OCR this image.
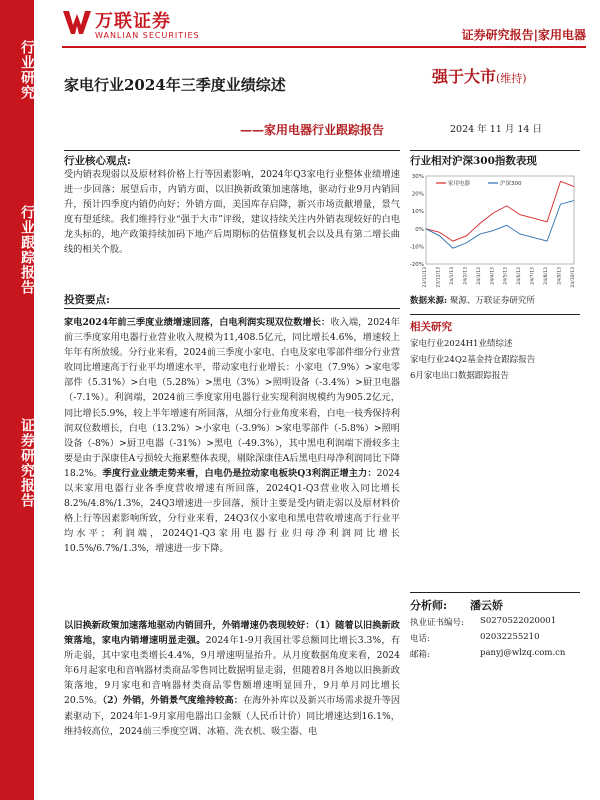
行业研究
行业跟踪报告
证券研究报告
万联证券
WANLIAN SECURITIES	证券研究报告|家用电器
家电行业2024年三季度业绩综述
——家用电器行业跟踪报告
强于大市(维持)
2024 年 11 月 14 日
行业核心观点:
受内销表现弱以及原材料价格上行等因素影响，2024年Q3家电行业整体业绩增速进一步回落；展望后市，内销方面，以旧换新政策加速落地，驱动行业9月内销回升，预计四季度内销仍向好；外销方面，美国库存启降，新兴市场贡献增量，景气度有望延续。我们维持行业“强于大市”评级，建议持续关注内外销表现较好的白电龙头标的，地产政策持续加码下地产后周期标的估值修复机会以及具有第二增长曲线的相关个股。
投资要点:
家电2024年前三季度业绩增速回落，白电利润实现双位数增长：收入端，2024年前三季度家用电器行业营业收入规模为11,408.5亿元，同比增长4.6%，增速较上年年有所放缓。分行业来看，2024前三季度小家电、白电及家电零部件细分行业营收同比增速高于行业平均增速水平，带动家电行业增长：小家电（7.9%）>家电零部件（5.31%）>白电（5.28%）>黑电（3%）>照明设备（-3.4%）>厨卫电器（-7.1%）。利润端，2024前三季度家用电器行业实现利润规模约为905.2亿元，同比增长5.9%，较上半年增速有所回落，从细分行业角度来看，白电一枝秀保持利润双位数增长，白电（13.2%）>小家电（-3.9%）>家电零部件（-5.8%）>照明设备（-8%）>厨卫电器（-31%）>黑电（-49.3%），其中黑电利润端下滑较多主要是由于深康佳A亏损较大拖累整体表现，剔除深康佳A后黑电归母净利润同比下降18.2%。季度行业业绩走势来看，白电仍是拉动家电板块Q3利润正增主力：2024以来家用电器行业各季度营收增速有所回落，2024Q1-Q3营业收入同比增长8.2%/4.8%/1.3%，24Q3增速进一步回落，预计主要是受内销走弱以及原材料价格上行等因素影响所致，分行业来看，24Q3仅小家电和黑电营收增速高于行业平均水平；利润端，2024Q1-Q3家用电器行业归母净利润同比增长10.5%/6.7%/1.3%，增速进一步下降。
以旧换新政策加速落地驱动内销回升，外销增速仍表现较好：（1）随着以旧换新政策落地，家电内销增速明显走强。2024年1-9月我国社零总额同比增长3.3%，有所走弱，其中家电类增长4.4%，9月增速明显抬升。从月度数据角度来看，2024年6月起家电和音响器材类商品零售同比数据明显走弱，但随着8月各地以旧换新政策落地，9月家电和音响器材类商品零售额增速明显回升，9月单月同比增长20.5%。（2）外销，外销景气度维持较高：在海外补库以及新兴市场需求提升等因素驱动下，2024年1-9月家用电器出口金额（人民币计价）同比增速达到16.1%，维持较高位，2024前三季度空调、冰箱、洗衣机、吸尘器、电
行业相对沪深300指数表现
30%
20%
10%
0%
-10%
-20%
23/11/13 23/12/13 24/1/13 24/2/13 24/3/13 24/4/13 24/5/13 24/6/13 24/7/13 24/8/13 24/9/13 24/10/13
家用电器	沪深300
数据来源: 聚源、万联证券研究所
相关研究
家电行业2024H1业绩综述
家电行业24Q2基金持仓跟踪报告
6月家电出口数据跟踪报告
分析师: 潘云娇
执业证书编号: S0270522020001
电话:	02032255210
邮箱:	panyj@wlzq.com.cn
